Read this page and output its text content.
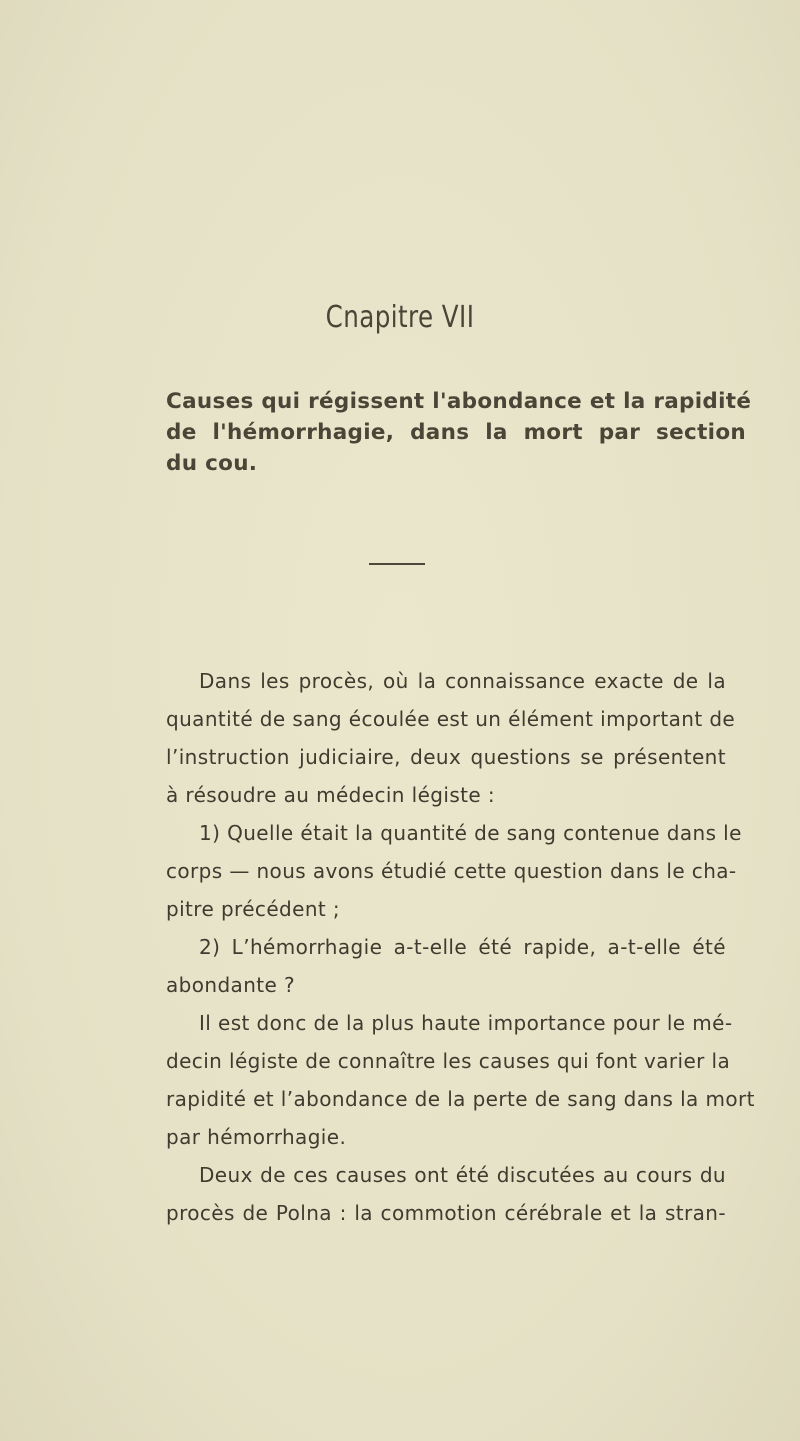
Cnapitre VII
Causes qui régissent l'abondance et la rapidité
de l'hémorrhagie, dans la mort par section
du cou.
Dans les procès, où la connaissance exacte de la
quantité de sang écoulée est un élément important de
l’instruction judiciaire, deux questions se présentent
à résoudre au médecin légiste :
1) Quelle était la quantité de sang contenue dans le
corps — nous avons étudié cette question dans le cha-
pitre précédent ;
2) L’hémorrhagie a-t-elle été rapide, a-t-elle été
abondante ?
Il est donc de la plus haute importance pour le mé-
decin légiste de connaître les causes qui font varier la
rapidité et l’abondance de la perte de sang dans la mort
par hémorrhagie.
Deux de ces causes ont été discutées au cours du
procès de Polna : la commotion cérébrale et la stran-
